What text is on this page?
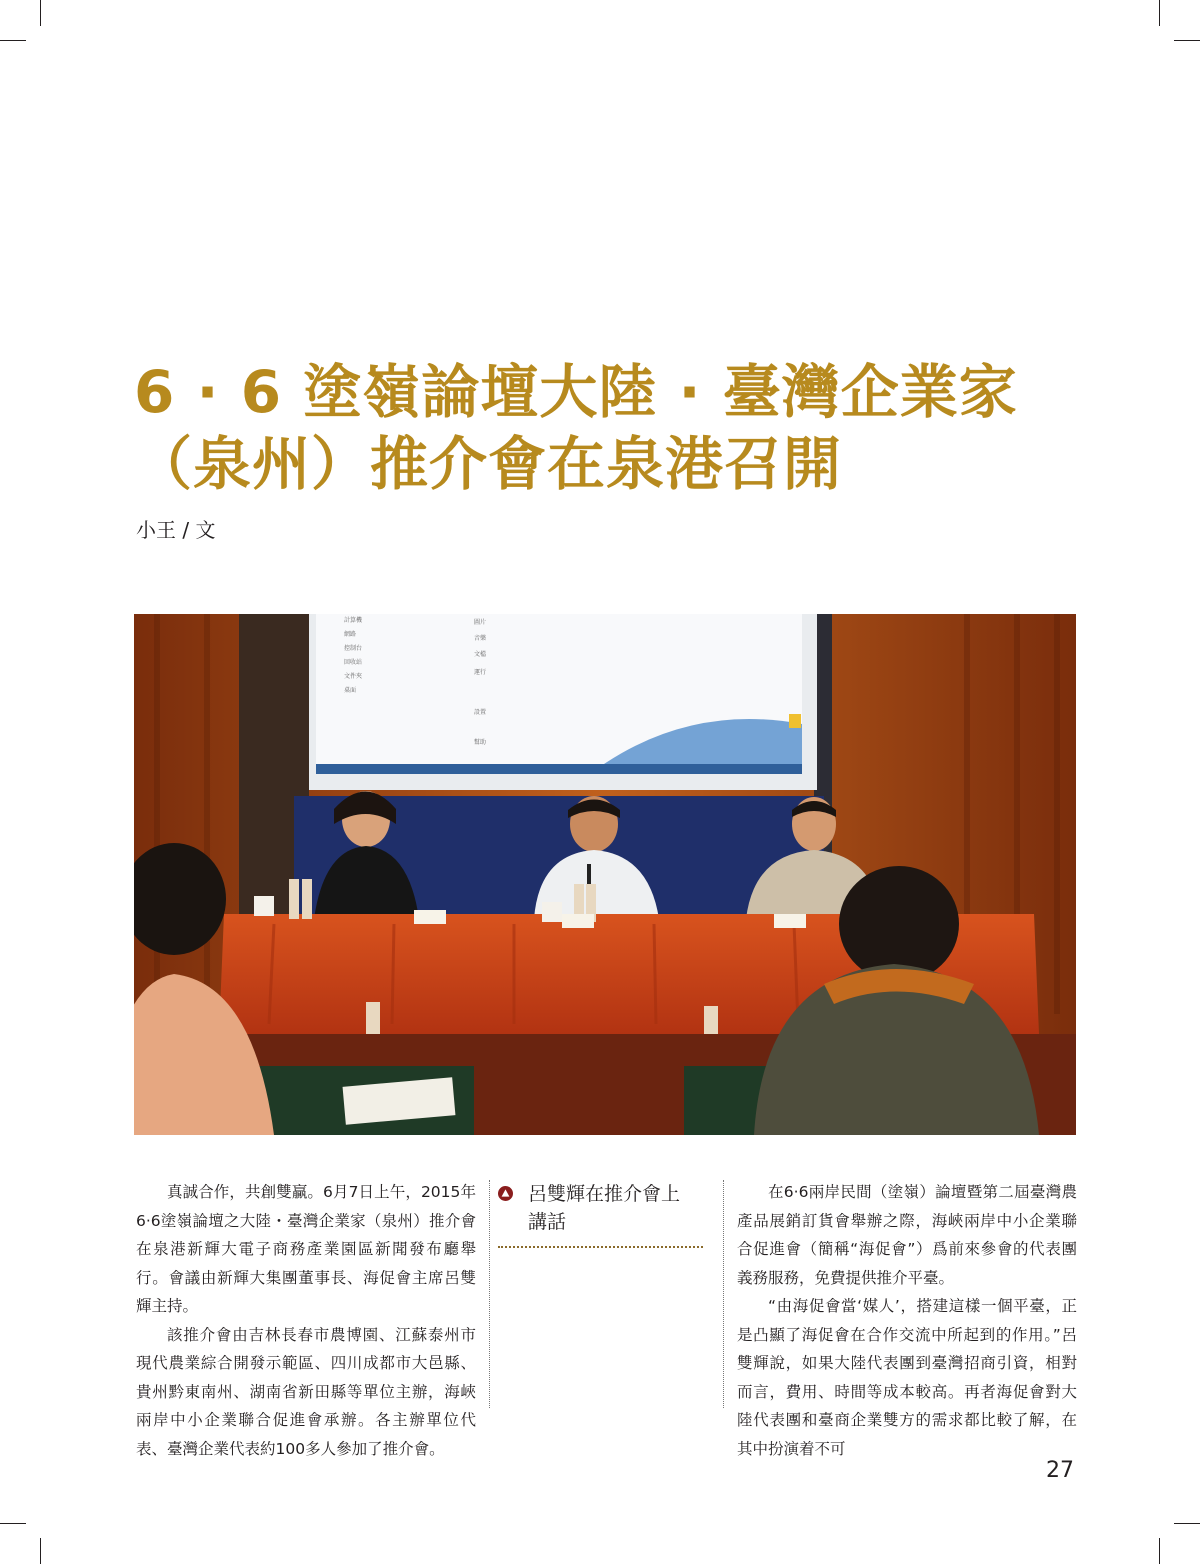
6 · 6 塗嶺論壇大陸 · 臺灣企業家
（泉州）推介會在泉港召開
小王 / 文
計算機
網路
控制台
回收站
文件夾
桌面
圖片
音樂
文檔
運行
設置
幫助

真誠合作，共創雙贏。6月7日上午，2015年6·6塗嶺論壇之大陸・臺灣企業家（泉州）推介會在泉港新輝大電子商務產業園區新聞發布廳舉行。會議由新輝大集團董事長、海促會主席呂雙輝主持。

該推介會由吉林長春市農博園、江蘇泰州市現代農業綜合開發示範區、四川成都市大邑縣、貴州黔東南州、湖南省新田縣等單位主辦，海峽兩岸中小企業聯合促進會承辦。各主辦單位代表、臺灣企業代表約100多人參加了推介會。

呂雙輝在推介會上
講話

在6·6兩岸民間（塗嶺）論壇暨第二屆臺灣農產品展銷訂貨會舉辦之際，海峽兩岸中小企業聯合促進會（簡稱“海促會”）爲前來參會的代表團義務服務，免費提供推介平臺。

“由海促會當‘媒人’，搭建這樣一個平臺，正是凸顯了海促會在合作交流中所起到的作用。”呂雙輝說，如果大陸代表團到臺灣招商引資，相對而言，費用、時間等成本較高。再者海促會對大陸代表團和臺商企業雙方的需求都比較了解，在其中扮演着不可

27
